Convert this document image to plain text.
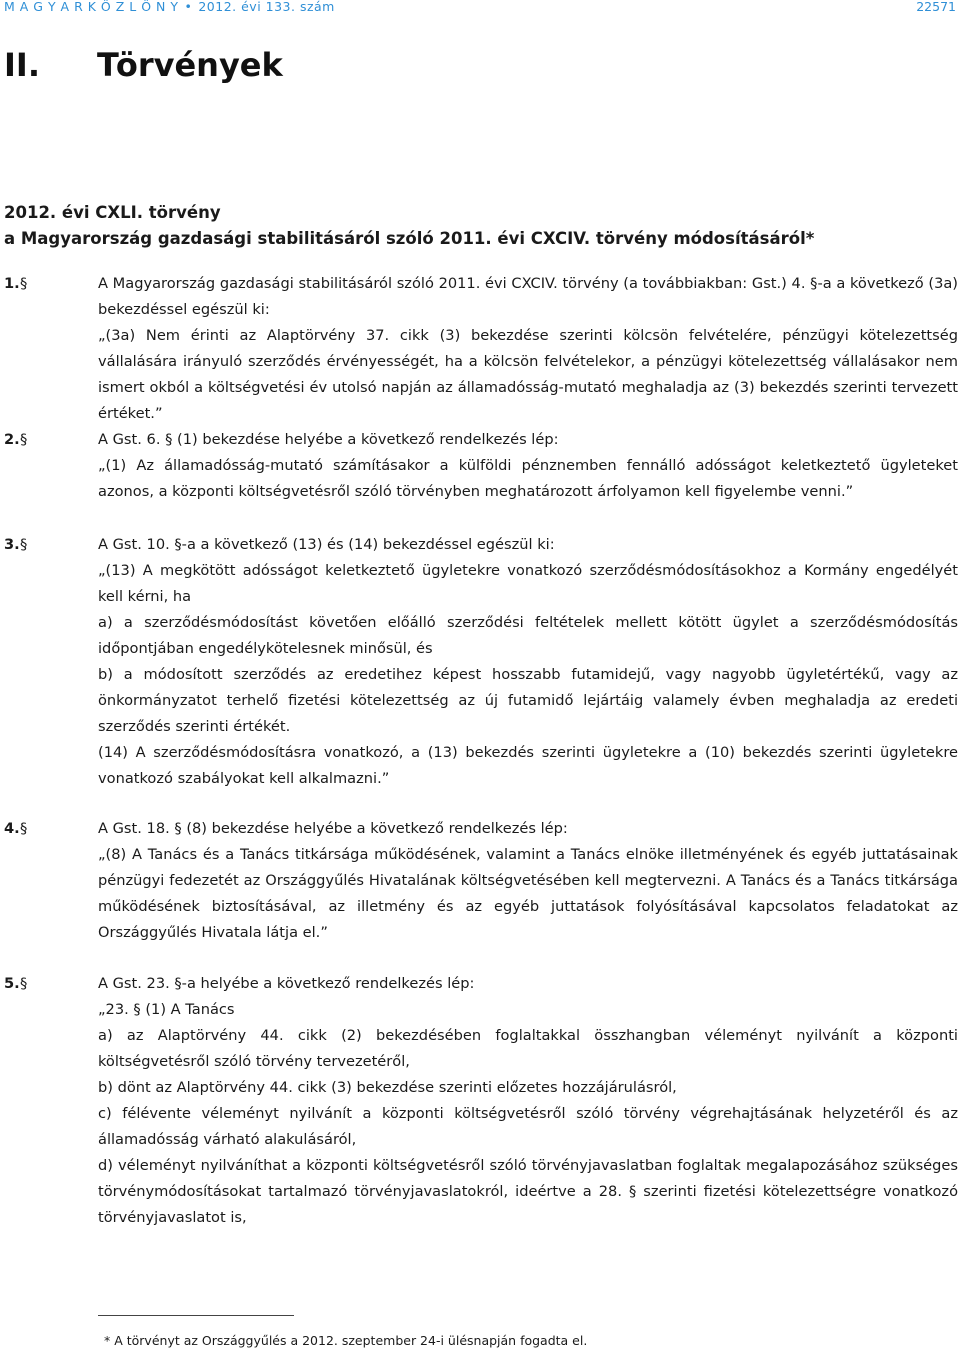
M A G Y A R K Ö Z L Ö N Y • 2012. évi 133. szám	22571
II. Törvények
2012. évi CXLI. törvény
a Magyarország gazdasági stabilitásáról szóló 2011. évi CXCIV. törvény módosításáról*
1. §	A Magyarország gazdasági stabilitásáról szóló 2011. évi CXCIV. törvény (a továbbiakban: Gst.) 4. §-a a következő (3a) bekezdéssel egészül ki:

„(3a) Nem érinti az Alaptörvény 37. cikk (3) bekezdése szerinti kölcsön felvételére, pénzügyi kötelezettség vállalására irányuló szerződés érvényességét, ha a kölcsön felvételekor, a pénzügyi kötelezettség vállalásakor nem ismert okból a költségvetési év utolsó napján az államadósság-mutató meghaladja az (3) bekezdés szerinti tervezett értéket.”

2. §	A Gst. 6. § (1) bekezdése helyébe a következő rendelkezés lép:

„(1) Az államadósság-mutató számításakor a külföldi pénznemben fennálló adósságot keletkeztető ügyleteket azonos, a központi költségvetésről szóló törvényben meghatározott árfolyamon kell figyelembe venni.”

3. §	A Gst. 10. §-a a következő (13) és (14) bekezdéssel egészül ki:

„(13) A megkötött adósságot keletkeztető ügyletekre vonatkozó szerződésmódosításokhoz a Kormány engedélyét kell kérni, ha

a) a szerződésmódosítást követően előálló szerződési feltételek mellett kötött ügylet a szerződésmódosítás időpontjában engedélykötelesnek minősül, és

b) a módosított szerződés az eredetihez képest hosszabb futamidejű, vagy nagyobb ügyletértékű, vagy az önkormányzatot terhelő fizetési kötelezettség az új futamidő lejártáig valamely évben meghaladja az eredeti szerződés szerinti értékét.

(14) A szerződésmódosításra vonatkozó, a (13) bekezdés szerinti ügyletekre a (10) bekezdés szerinti ügyletekre vonatkozó szabályokat kell alkalmazni.”

4. §	A Gst. 18. § (8) bekezdése helyébe a következő rendelkezés lép:

„(8) A Tanács és a Tanács titkársága működésének, valamint a Tanács elnöke illetményének és egyéb juttatásainak pénzügyi fedezetét az Országgyűlés Hivatalának költségvetésében kell megtervezni. A Tanács és a Tanács titkársága működésének biztosításával, az illetmény és az egyéb juttatások folyósításával kapcsolatos feladatokat az Országgyűlés Hivatala látja el.”

5. §	A Gst. 23. §-a helyébe a következő rendelkezés lép:

„23. § (1) A Tanács

a) az Alaptörvény 44. cikk (2) bekezdésében foglaltakkal összhangban véleményt nyilvánít a központi költségvetésről szóló törvény tervezetéről,

b) dönt az Alaptörvény 44. cikk (3) bekezdése szerinti előzetes hozzájárulásról,

c) félévente véleményt nyilvánít a központi költségvetésről szóló törvény végrehajtásának helyzetéről és az államadósság várható alakulásáról,

d) véleményt nyilváníthat a központi költségvetésről szóló törvényjavaslatban foglaltak megalapozásához szükséges törvénymódosításokat tartalmazó törvényjavaslatokról, ideértve a 28. § szerinti fizetési kötelezettségre vonatkozó törvényjavaslatot is,

* A törvényt az Országgyűlés a 2012. szeptember 24-i ülésnapján fogadta el.
